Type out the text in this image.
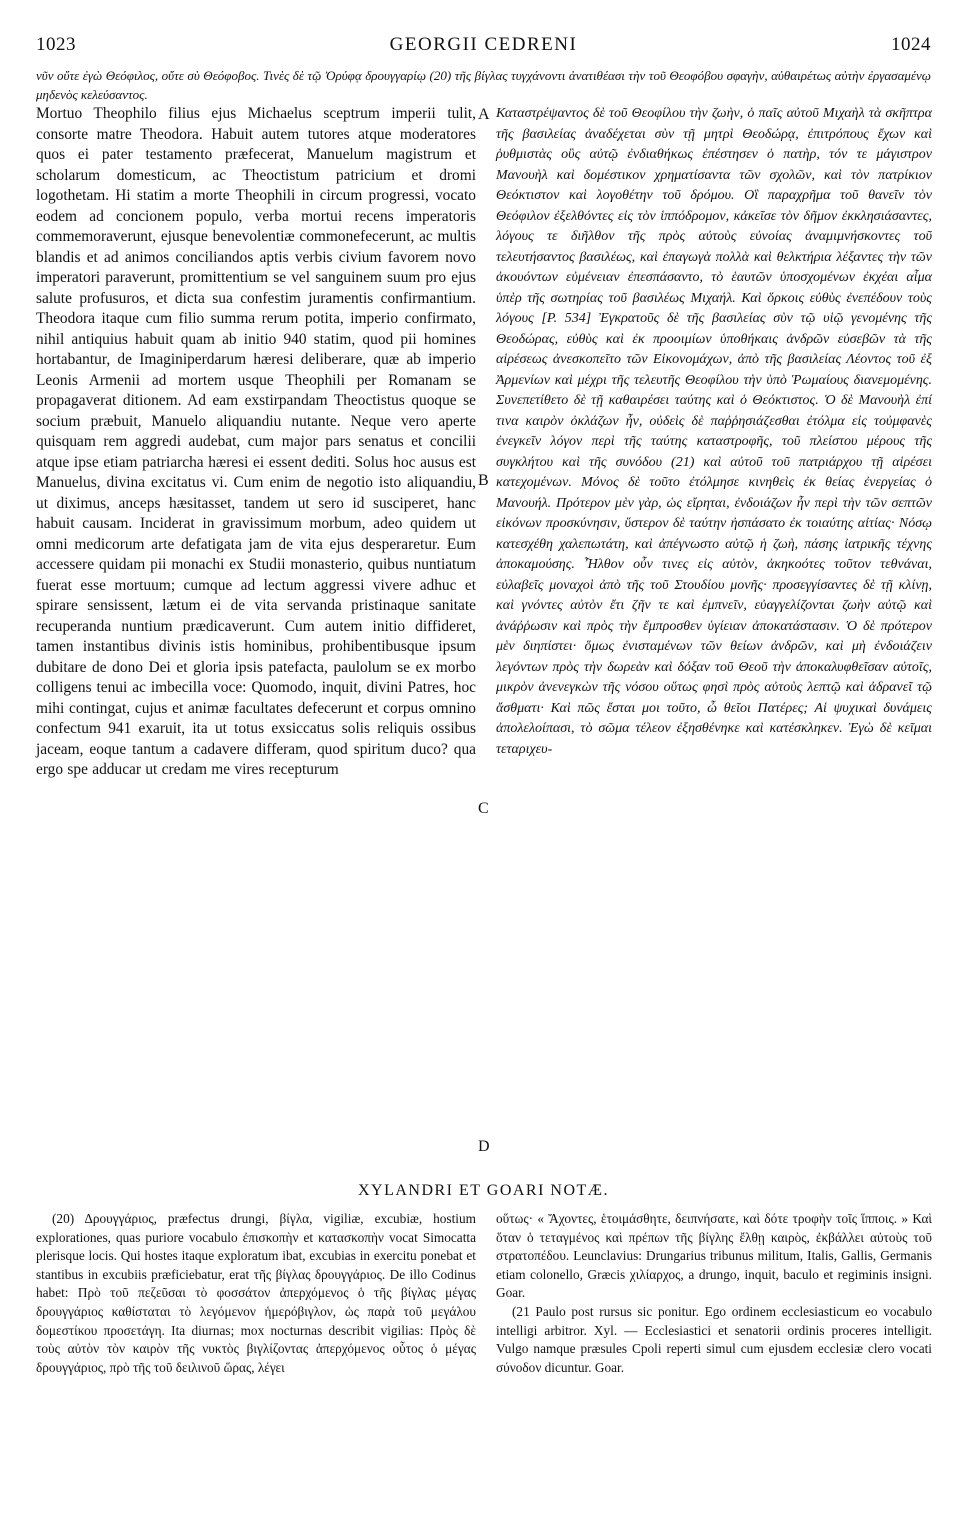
1023	GEORGII CEDRENI	1024
νῦν οὔτε ἐγὼ Θεόφιλος, οὔτε σὺ Θεόφοβος. Τινὲς δὲ τῷ Ὀρύφᾳ δρουγγαρίῳ (20) τῆς βίγλας τυγχάνοντι ἀνατιθέασι τὴν τοῦ Θεοφόβου σφαγὴν, αὐθαιρέτως αὐτὴν ἐργασαμένῳ μηδενὸς κελεύσαντος.
Mortuo Theophilo filius ejus Michaelus sceptrum imperii tulit, consorte matre Theodora. Habuit autem tutores atque moderatores quos ei pater testamento præfecerat, Manuelum magistrum et scholarum domesticum, ac Theoctistum patricium et dromi logothetam. Hi statim a morte Theophili in circum progressi, vocato eodem ad concionem populo, verba mortui recens imperatoris commemoraverunt, ejusque benevolentiæ commonefecerunt, ac multis blandis et ad animos conciliandos aptis verbis civium favorem novo imperatori paraverunt, promittentium se vel sanguinem suum pro ejus salute profusuros, et dicta sua confestim juramentis confirmantium. Theodora itaque cum filio summa rerum potita, imperio confirmato, nihil antiquius habuit quam ab initio 940 statim, quod pii homines hortabantur, de Imaginiperdarum hæresi deliberare, quæ ab imperio Leonis Armenii ad mortem usque Theophili per Romanam se propagaverat ditionem. Ad eam exstirpandam Theoctistus quoque se socium præbuit, Manuelo aliquandiu nutante. Neque vero aperte quisquam rem aggredi audebat, cum major pars senatus et concilii atque ipse etiam patriarcha hæresi ei essent dediti. Solus hoc ausus est Manuelus, divina excitatus vi. Cum enim de negotio isto aliquandiu, ut diximus, anceps hæsitasset, tandem ut sero id susciperet, hanc habuit causam. Inciderat in gravissimum morbum, adeo quidem ut omni medicorum arte defatigata jam de vita ejus desperaretur. Eum accessere quidam pii monachi ex Studii monasterio, quibus nuntiatum fuerat esse mortuum; cumque ad lectum aggressi vivere adhuc et spirare sensissent, lætum ei de vita servanda pristinaque sanitate recuperanda nuntium prædicaverunt. Cum autem initio diffideret, tamen instantibus divinis istis hominibus, prohibentibusque ipsum dubitare de dono Dei et gloria ipsis patefacta, paulolum se ex morbo colligens tenui ac imbecilla voce: Quomodo, inquit, divini Patres, hoc mihi contingat, cujus et animæ facultates defecerunt et corpus omnino confectum 941 exaruit, ita ut totus exsiccatus solis reliquis ossibus jaceam, eoque tantum a cadavere differam, quod spiritum duco? qua ergo spe adducar ut credam me vires recepturum
Καταστρέψαντος δὲ τοῦ Θεοφίλου τὴν ζωὴν, ὁ παῖς αὐτοῦ Μιχαὴλ τὰ σκῆπτρα τῆς βασιλείας ἀναδέχεται σὺν τῇ μητρὶ Θεοδώρᾳ, ἐπιτρόπους ἔχων καὶ ῥυθμιστὰς οὓς αὐτῷ ἐνδιαθήκως ἐπέστησεν ὁ πατὴρ, τόν τε μάγιστρον Μανουὴλ καὶ δομέστικον χρηματίσαντα τῶν σχολῶν, καὶ τὸν πατρίκιον Θεόκτιστον καὶ λογοθέτην τοῦ δρόμου. Οἳ παραχρῆμα τοῦ θανεῖν τὸν Θεόφιλον ἐξελθόντες εἰς τὸν ἱππόδρομον, κἀκεῖσε τὸν δῆμον ἐκκλησιάσαντες, λόγους τε διῆλθον τῆς πρὸς αὐτοὺς εὐνοίας ἀναμιμνήσκοντες τοῦ τελευτήσαντος βασιλέως, καὶ ἐπαγωγὰ πολλὰ καὶ θελκτήρια λέξαντες τὴν τῶν ἀκουόντων εὐμένειαν ἐπεσπάσαντο, τὸ ἑαυτῶν ὑποσχομένων ἐκχέαι αἷμα ὑπὲρ τῆς σωτηρίας τοῦ βασιλέως Μιχαήλ. Καὶ ὅρκοις εὐθὺς ἐνεπέδουν τοὺς λόγους [P. 534] Ἐγκρατοῦς δὲ τῆς βασιλείας σὺν τῷ υἱῷ γενομένης τῆς Θεοδώρας, εὐθὺς καὶ ἐκ προοιμίων ὑποθήκαις ἀνδρῶν εὐσεβῶν τὰ τῆς αἱρέσεως ἀνεσκοπεῖτο τῶν Εἰκονομάχων, ἀπὸ τῆς βασιλείας Λέοντος τοῦ ἐξ Ἀρμενίων καὶ μέχρι τῆς τελευτῆς Θεοφίλου τὴν ὑπὸ Ῥωμαίους διανεμομένης. Συνεπετίθετο δὲ τῇ καθαιρέσει ταύτης καὶ ὁ Θεόκτιστος. Ὁ δὲ Μανουὴλ ἐπί τινα καιρὸν ὀκλάζων ἦν, οὐδεὶς δὲ παῤῥησιάζεσθαι ἐτόλμα εἰς τοὐμφανὲς ἐνεγκεῖν λόγον περὶ τῆς ταύτης καταστροφῆς, τοῦ πλείστου μέρους τῆς συγκλήτου καὶ τῆς συνόδου (21) καὶ αὐτοῦ τοῦ πατριάρχου τῇ αἱρέσει κατεχομένων. Μόνος δὲ τοῦτο ἐτόλμησε κινηθεὶς ἐκ θείας ἐνεργείας ὁ Μανουήλ. Πρότερον μὲν γὰρ, ὡς εἴρηται, ἐνδοιάζων ἦν περὶ τὴν τῶν σεπτῶν εἰκόνων προσκύνησιν, ὕστερον δὲ ταύτην ἠσπάσατο ἐκ τοιαύτης αἰτίας· Νόσῳ κατεσχέθη χαλεπωτάτη, καὶ ἀπέγνωστο αὐτῷ ἡ ζωὴ, πάσης ἰατρικῆς τέχνης ἀποκαμούσης. Ἦλθον οὖν τινες εἰς αὐτὸν, ἀκηκοότες τοῦτον τεθνάναι, εὐλαβεῖς μοναχοὶ ἀπὸ τῆς τοῦ Στουδίου μονῆς· προσεγγίσαντες δὲ τῇ κλίνῃ, καὶ γνόντες αὐτὸν ἔτι ζῆν τε καὶ ἐμπνεῖν, εὐαγγελίζονται ζωὴν αὐτῷ καὶ ἀνάῤῥωσιν καὶ πρὸς τὴν ἔμπροσθεν ὑγίειαν ἀποκατάστασιν. Ὁ δὲ πρότερον μὲν διηπίστει· ὅμως ἐνισταμένων τῶν θείων ἀνδρῶν, καὶ μὴ ἐνδοιάζειν λεγόντων πρὸς τὴν δωρεὰν καὶ δόξαν τοῦ Θεοῦ τὴν ἀποκαλυφθεῖσαν αὐτοῖς, μικρὸν ἀνενεγκὼν τῆς νόσου οὕτως φησὶ πρὸς αὐτοὺς λεπτῷ καὶ ἀδρανεῖ τῷ ἄσθματι· Καὶ πῶς ἔσται μοι τοῦτο, ὦ θεῖοι Πατέρες; Αἱ ψυχικαὶ δυνάμεις ἀπολελοίπασι, τὸ σῶμα τέλεον ἐξησθένηκε καὶ κατέσκληκεν. Ἐγὼ δὲ κεῖμαι τεταριχευ-
A
B
C
D
XYLANDRI ET GOARI NOTÆ.

(20) Δρουγγάριος, præfectus drungi, βίγλα, vigiliæ, excubiæ, hostium explorationes, quas puriore vocabulo ἐπισκοπὴν et κατασκοπὴν vocat Simocatta plerisque locis. Qui hostes itaque exploratum ibat, excubias in exercitu ponebat et stantibus in excubiis præficiebatur, erat τῆς βίγλας δρουγγάριος. De illo Codinus habet: Πρὸ τοῦ πεζεῦσαι τὸ φοσσάτον ἀπερχόμενος ὁ τῆς βίγλας μέγας δρουγγάριος καθίσταται τὸ λεγόμενον ἡμερόβιγλον, ὡς παρὰ τοῦ μεγάλου δομεστίκου προσετάγη. Ita diurnas; mox nocturnas describit vigilias: Πρὸς δὲ τοὺς αὐτὸν τὸν καιρὸν τῆς νυκτὸς βιγλίζοντας ἀπερχόμενος οὗτος ὁ μέγας δρουγγάριος, πρὸ τῆς τοῦ δειλινοῦ ὥρας, λέγει

οὕτως· « Ἄχοντες, ἑτοιμάσθητε, δειπνήσατε, καὶ δότε τροφὴν τοῖς ἵπποις. » Καὶ ὅταν ὁ τεταγμένος καὶ πρέπων τῆς βίγλης ἔλθῃ καιρὸς, ἐκβάλλει αὐτοὺς τοῦ στρατοπέδου. Leunclavius: Drungarius tribunus militum, Italis, Gallis, Germanis etiam colonello, Græcis χιλίαρχος, a drungo, inquit, baculo et regiminis insigni. Goar.

(21 Paulo post rursus sic ponitur. Ego ordinem ecclesiasticum eo vocabulo intelligi arbitror. Xyl. — Ecclesiastici et senatorii ordinis proceres intelligit. Vulgo namque præsules Cpoli reperti simul cum ejusdem ecclesiæ clero vocati σύνοδον dicuntur. Goar.
